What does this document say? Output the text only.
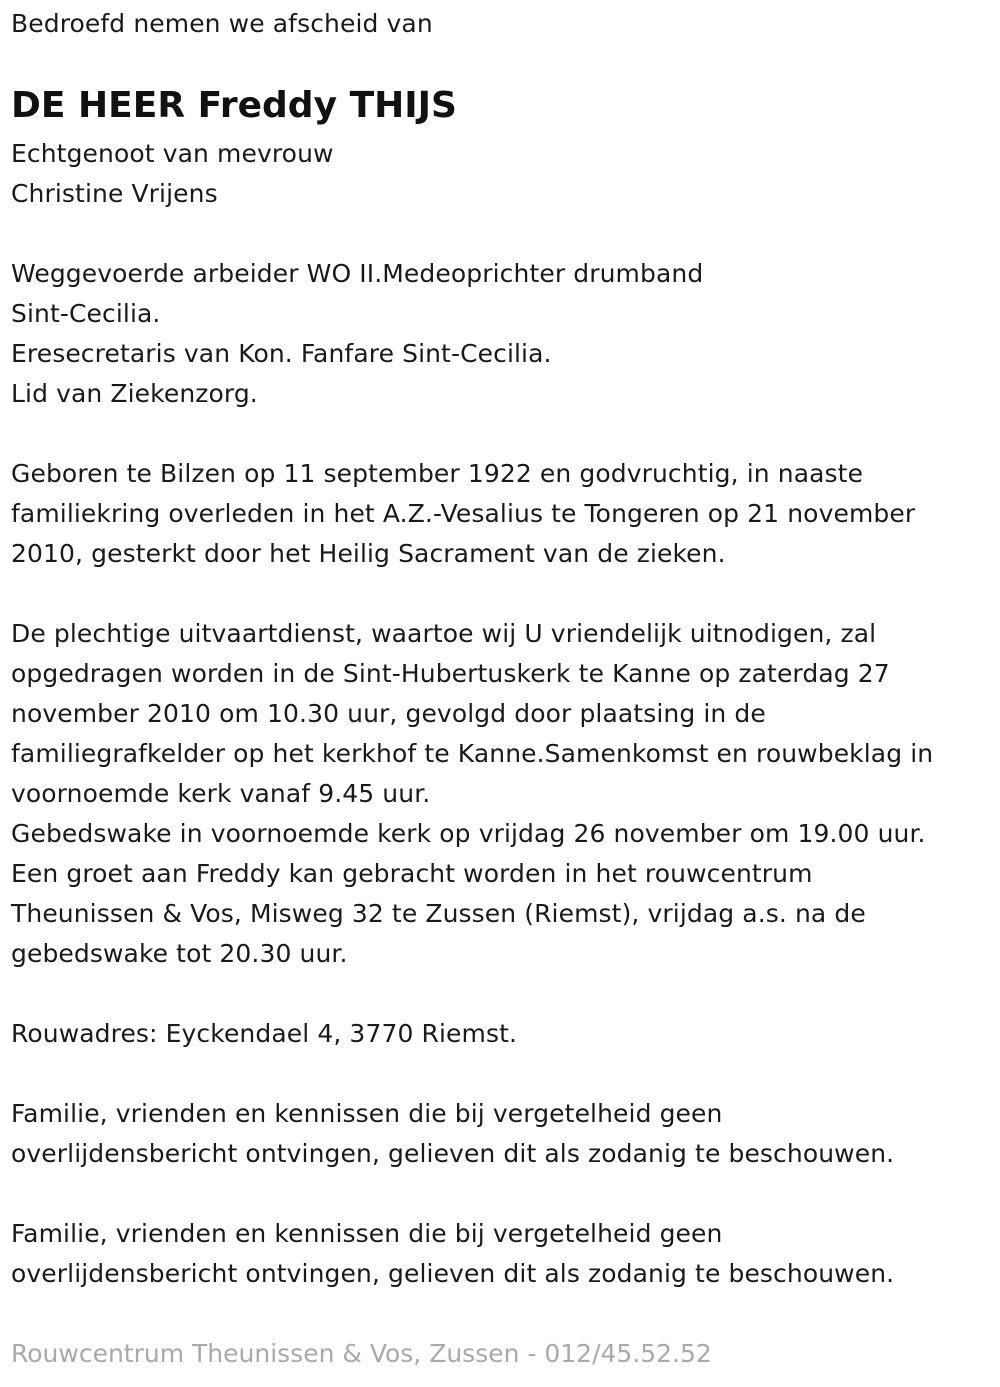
Bedroefd nemen we afscheid van
DE HEER Freddy THIJS
Echtgenoot van mevrouw
Christine Vrijens
Weggevoerde arbeider WO II.Medeoprichter drumband
Sint-Cecilia.
Eresecretaris van Kon. Fanfare Sint-Cecilia.
Lid van Ziekenzorg.
Geboren te Bilzen op 11 september 1922 en godvruchtig, in naaste
familiekring overleden in het A.Z.-Vesalius te Tongeren op 21 november
2010, gesterkt door het Heilig Sacrament van de zieken.
De plechtige uitvaartdienst, waartoe wij U vriendelijk uitnodigen, zal
opgedragen worden in de Sint-Hubertuskerk te Kanne op zaterdag 27
november 2010 om 10.30 uur, gevolgd door plaatsing in de
familiegrafkelder op het kerkhof te Kanne.Samenkomst en rouwbeklag in
voornoemde kerk vanaf 9.45 uur.
Gebedswake in voornoemde kerk op vrijdag 26 november om 19.00 uur.
Een groet aan Freddy kan gebracht worden in het rouwcentrum
Theunissen & Vos, Misweg 32 te Zussen (Riemst), vrijdag a.s. na de
gebedswake tot 20.30 uur.
Rouwadres: Eyckendael 4, 3770 Riemst.
Familie, vrienden en kennissen die bij vergetelheid geen
overlijdensbericht ontvingen, gelieven dit als zodanig te beschouwen.
Familie, vrienden en kennissen die bij vergetelheid geen
overlijdensbericht ontvingen, gelieven dit als zodanig te beschouwen.
Rouwcentrum Theunissen & Vos, Zussen - 012/45.52.52
